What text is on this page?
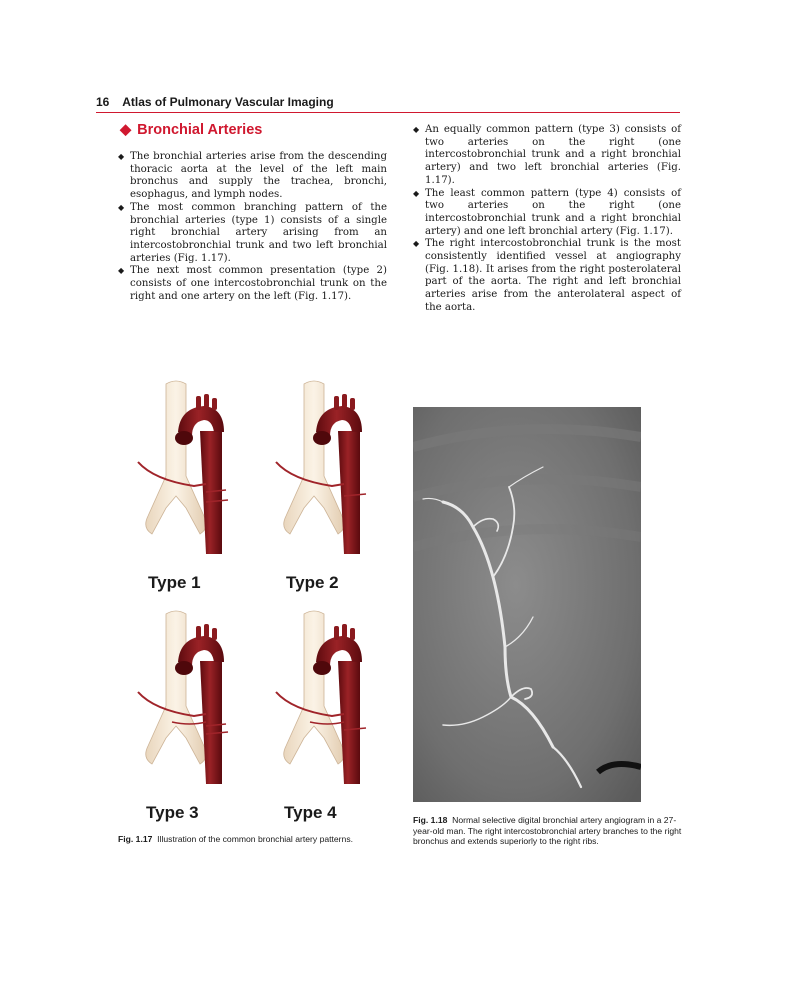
16 Atlas of Pulmonary Vascular Imaging
◆ Bronchial Arteries

◆ The bronchial arteries arise from the descending thoracic aorta at the level of the left main bronchus and supply the trachea, bronchi, esophagus, and lymph nodes.

◆ The most common branching pattern of the bronchial arteries (type 1) consists of a single right bronchial artery arising from an intercostobronchial trunk and two left bronchial arteries (Fig. 1.17).

◆ The next most common presentation (type 2) consists of one intercostobronchial trunk on the right and one artery on the left (Fig. 1.17).

◆ An equally common pattern (type 3) consists of two arteries on the right (one intercostobronchial trunk and a right bronchial artery) and two left bronchial arteries (Fig. 1.17).

◆ The least common pattern (type 4) consists of two arteries on the right (one intercostobronchial trunk and a right bronchial artery) and one left bronchial artery (Fig. 1.17).

◆ The right intercostobronchial trunk is the most consistently identified vessel at angiography (Fig. 1.18). It arises from the right posterolateral part of the aorta. The right and left bronchial arteries arise from the anterolateral aspect of the aorta.

Type 1	Type 2
Type 3	Type 4
Fig. 1.17 Illustration of the common bronchial artery patterns.
Fig. 1.18 Normal selective digital bronchial artery angiogram in a 27-year-old man. The right intercostobronchial artery branches to the right bronchus and extends superiorly to the right ribs.
